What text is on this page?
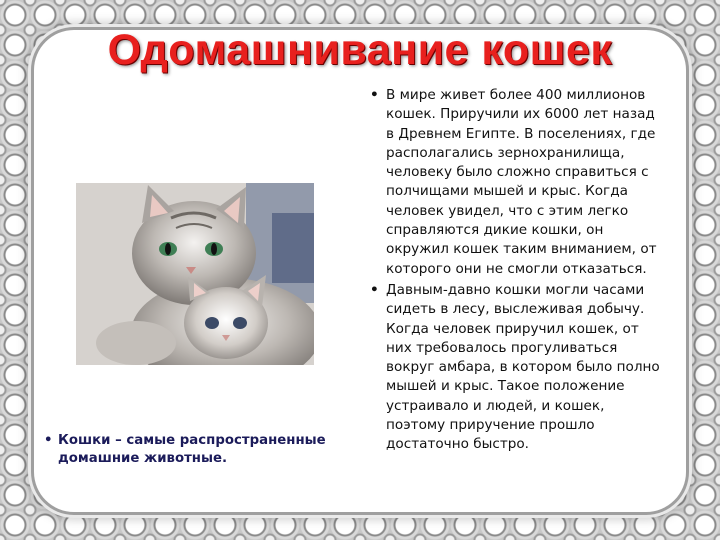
Одомашнивание кошек
• Кошки – самые распространенные домашние животные.
• В мире живет более 400 миллионов кошек. Приручили их 6000 лет назад в Древнем Египте. В поселениях, где располагались зернохранилища, человеку было сложно справиться с полчищами мышей и крыс. Когда человек увидел, что с этим легко справляются дикие кошки, он окружил кошек таким вниманием, от которого они не смогли отказаться.
• Давным-давно кошки могли часами сидеть в лесу, выслеживая добычу. Когда человек приручил кошек, от них требовалось прогуливаться вокруг амбара, в котором было полно мышей и крыс. Такое положение устраивало и людей, и кошек, поэтому приручение прошло достаточно быстро.
